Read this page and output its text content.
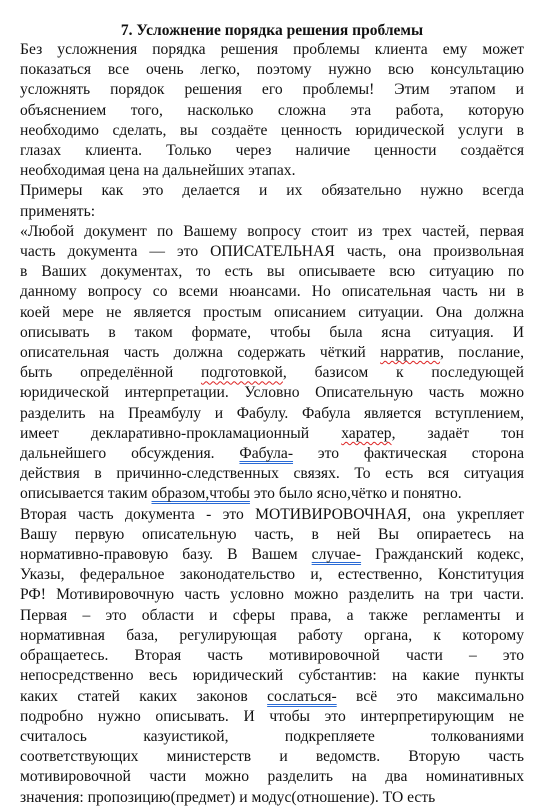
7. Усложнение порядка решения проблемы
Без усложнения порядка решения проблемы клиента ему может
показаться все очень легко, поэтому нужно всю консультацию
усложнять порядок решения его проблемы! Этим этапом и
объяснением того, насколько сложна эта работа, которую
необходимо сделать, вы создаёте ценность юридической услуги в
глазах клиента. Только через наличие ценности создаётся
необходимая цена на дальнейших этапах.
Примеры как это делается и их обязательно нужно всегда
применять:
«Любой документ по Вашему вопросу стоит из трех частей, первая
часть документа — это ОПИСАТЕЛЬНАЯ часть, она произвольная
в Ваших документах, то есть вы описываете всю ситуацию по
данному вопросу со всеми нюансами. Но описательная часть ни в
коей мере не является простым описанием ситуации. Она должна
описывать в таком формате, чтобы была ясна ситуация. И
описательная часть должна содержать чёткий нарратив, послание,
быть определённой подготовкой, базисом к последующей
юридической интерпретации. Условно Описательную часть можно
разделить на Преамбулу и Фабулу. Фабула является вступлением,
имеет декларативно-прокламационный харатер, задаёт тон
дальнейшего обсуждения. Фабула- это фактическая сторона
действия в причинно-следственных связях. То есть вся ситуация
описывается таким образом,чтобы это было ясно,чётко и понятно.
Вторая часть документа - это МОТИВИРОВОЧНАЯ, она укрепляет
Вашу первую описательную часть, в ней Вы опираетесь на
нормативно-правовую базу. В Вашем случае- Гражданский кодекс,
Указы, федеральное законодательство и, естественно, Конституция
РФ! Мотивировочную часть условно можно разделить на три части.
Первая – это области и сферы права, а также регламенты и
нормативная база, регулирующая работу органа, к которому
обращаетесь. Вторая часть мотивировочной части – это
непосредственно весь юридический субстантив: на какие пункты
каких статей каких законов сослаться- всё это максимально
подробно нужно описывать. И чтобы это интерпретирующим не
считалось казуистикой, подкрепляете толкованиями
соответствующих министерств и ведомств. Вторую часть
мотивировочной части можно разделить на два номинативных
значения: пропозицию(предмет) и модус(отношение). ТО есть
